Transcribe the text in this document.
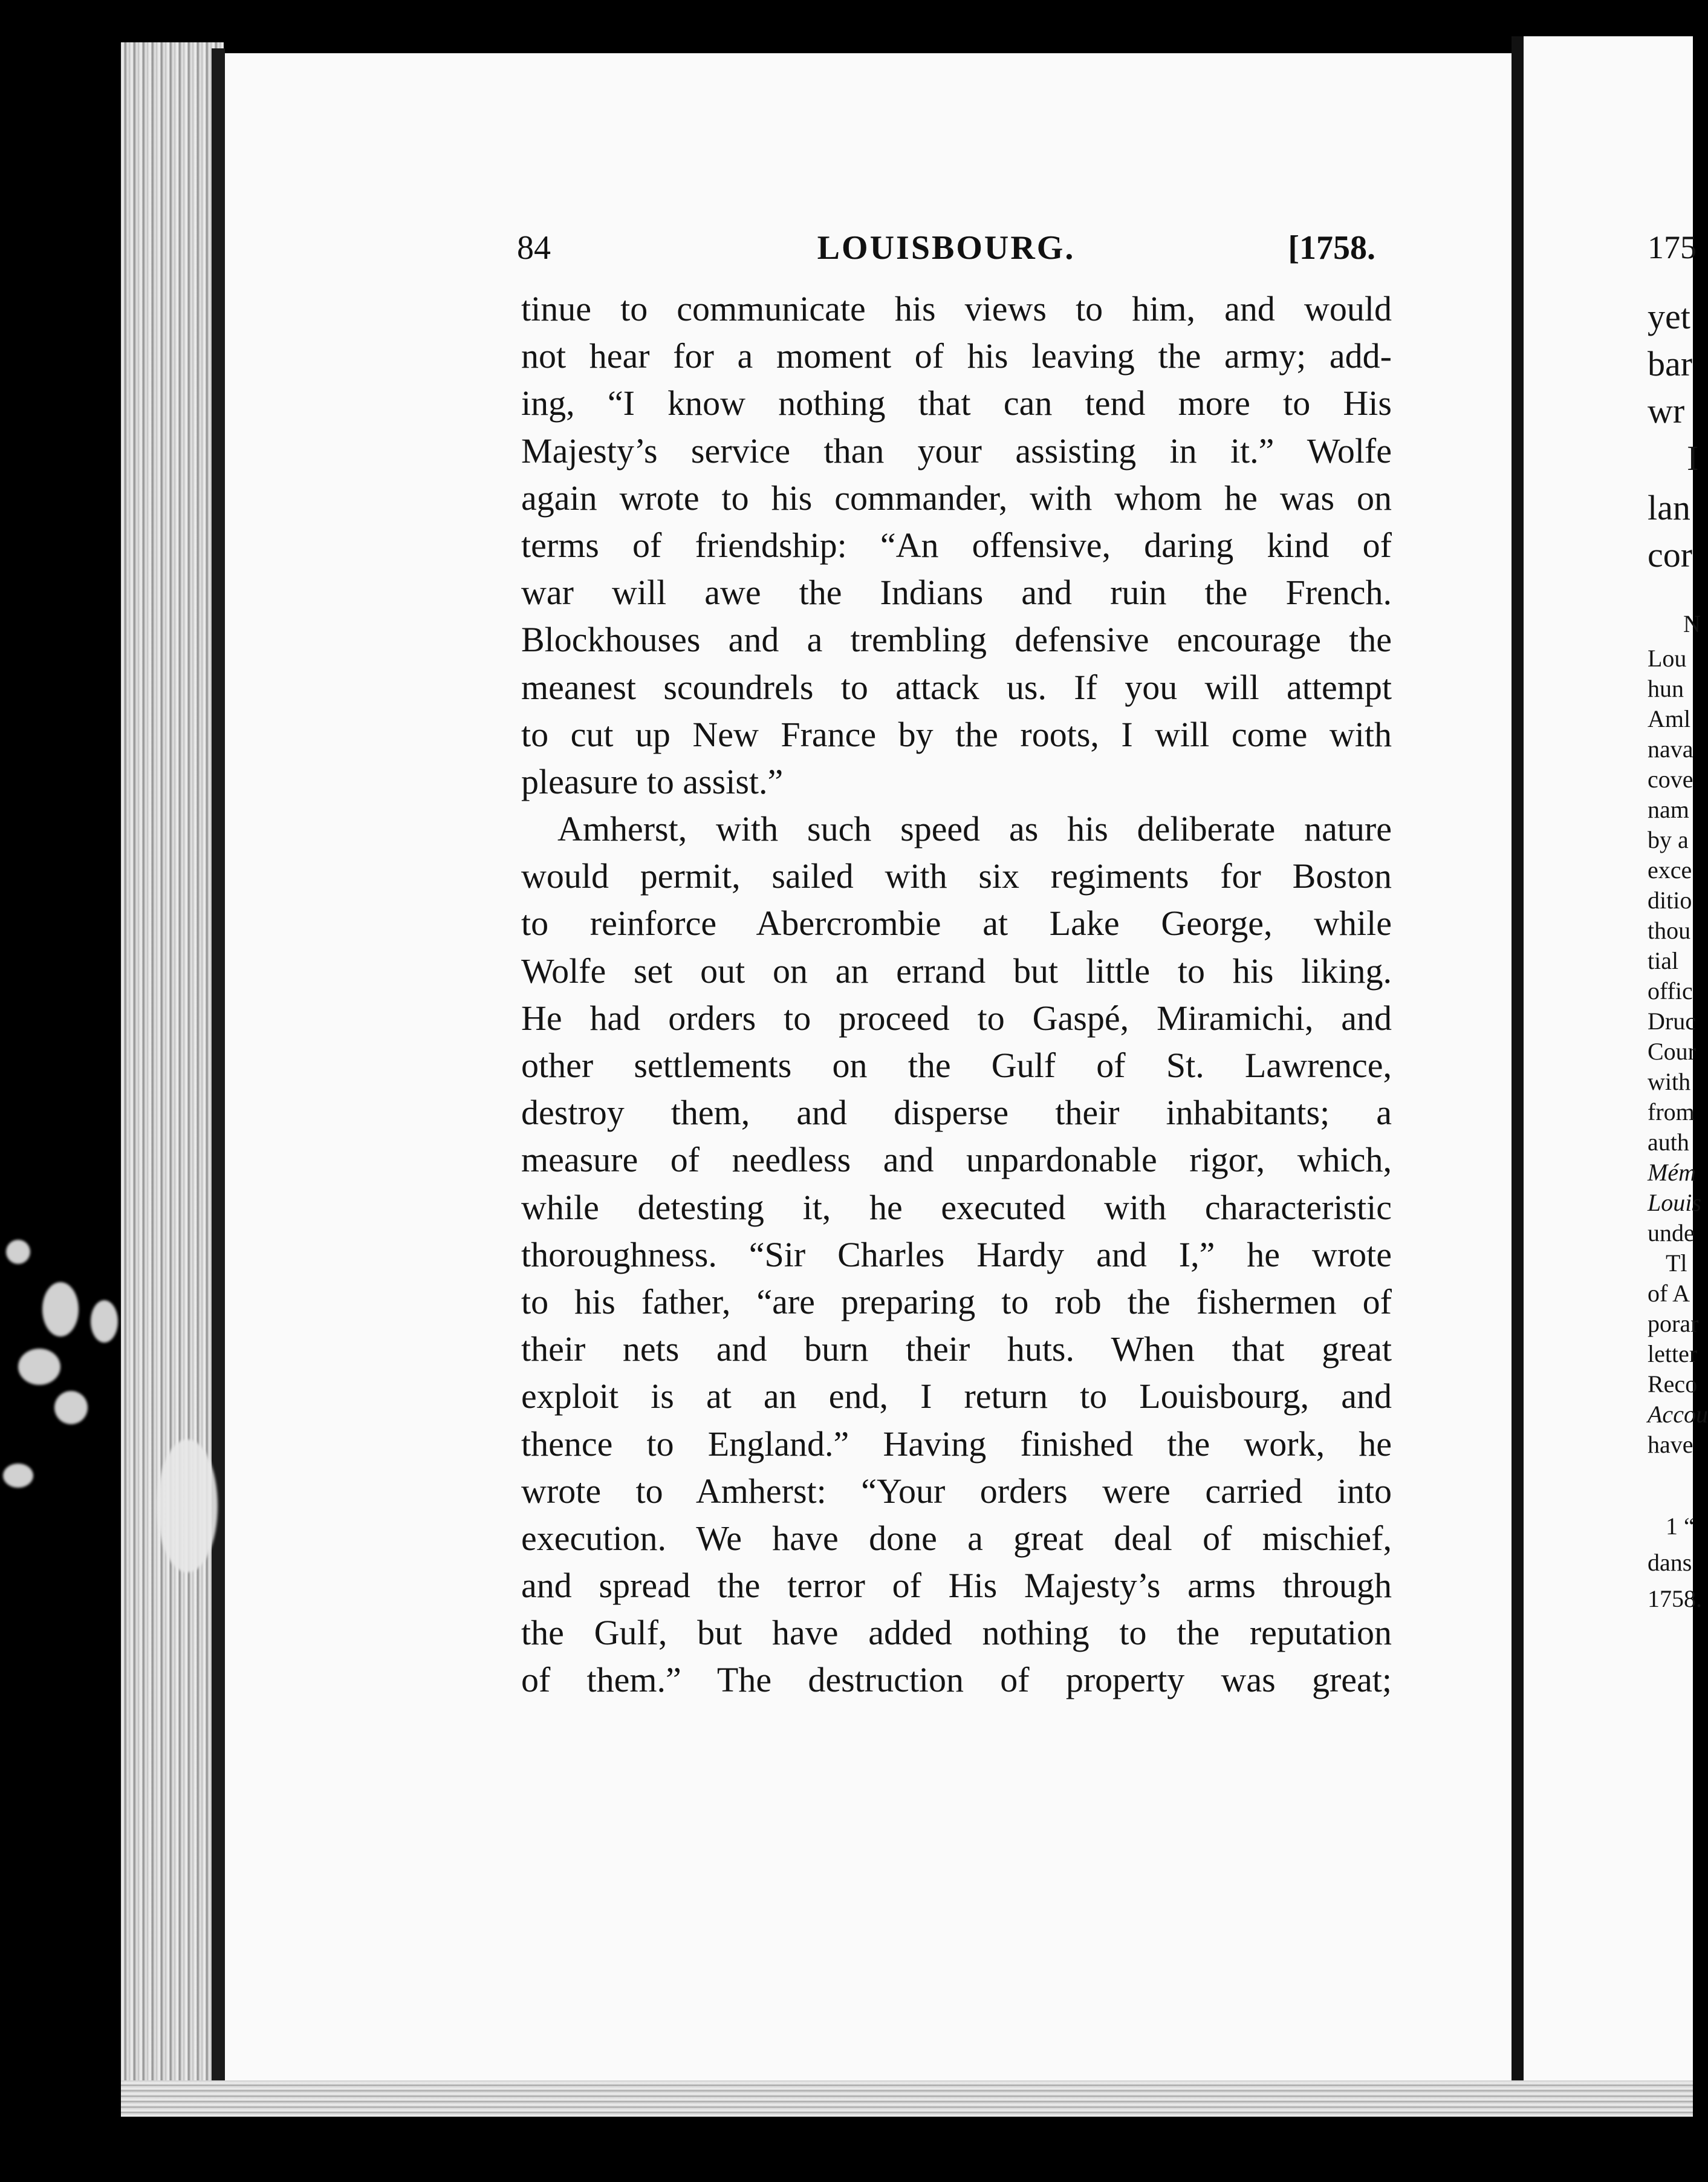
84	LOUISBOURG.	[1758.
tinue to communicate his views to him, and would
not hear for a moment of his leaving the army; add-
ing, “I know nothing that can tend more to His
Majesty’s service than your assisting in it.” Wolfe
again wrote to his commander, with whom he was on
terms of friendship: “An offensive, daring kind of
war will awe the Indians and ruin the French.
Blockhouses and a trembling defensive encourage the
meanest scoundrels to attack us. If you will attempt
to cut up New France by the roots, I will come with
pleasure to assist.”
Amherst, with such speed as his deliberate nature
would permit, sailed with six regiments for Boston
to reinforce Abercrombie at Lake George, while
Wolfe set out on an errand but little to his liking.
He had orders to proceed to Gaspé, Miramichi, and
other settlements on the Gulf of St. Lawrence,
destroy them, and disperse their inhabitants; a
measure of needless and unpardonable rigor, which,
while detesting it, he executed with characteristic
thoroughness. “Sir Charles Hardy and I,” he wrote
to his father, “are preparing to rob the fishermen of
their nets and burn their huts. When that great
exploit is at an end, I return to Louisbourg, and
thence to England.” Having finished the work, he
wrote to Amherst: “Your orders were carried into
execution. We have done a great deal of mischief,
and spread the terror of His Majesty’s arms through
the Gulf, but have added nothing to the reputation
of them.” The destruction of property was great;
175
yet
bar
wr
I
lan
cor
N
Lou
hun
Aml
nava
cove
nam
by a
exce
ditio
thou
tial
offic
Druc
Cour
with
from
auth
Mém
Louis
unde
Tl
of A
porar
letter
Reco
Accou
have
1 “
dans
1758.
